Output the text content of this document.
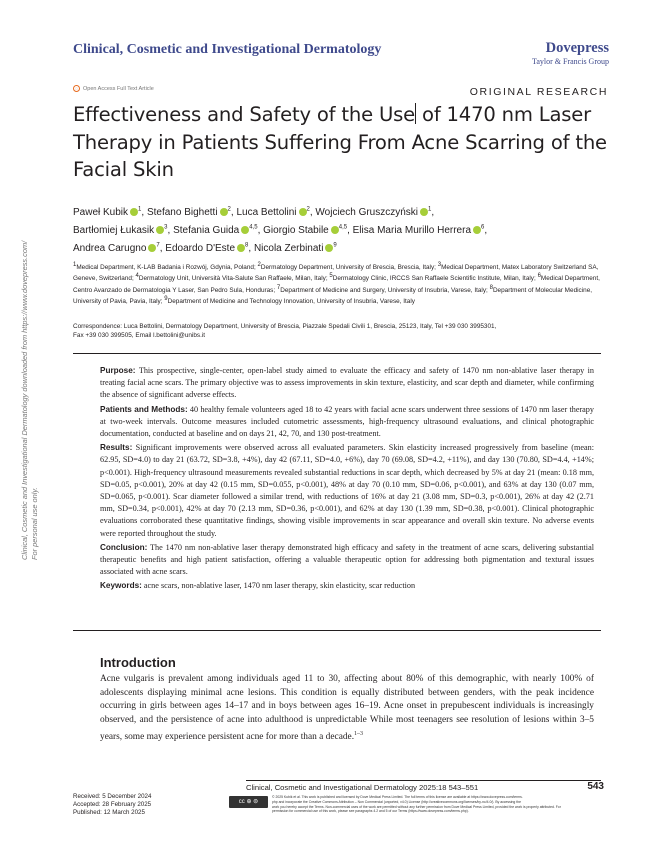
Clinical, Cosmetic and Investigational Dermatology	Dovepress
Taylor & Francis Group
◌ Open Access Full Text Article	ORIGINAL RESEARCH
Effectiveness and Safety of the Use of 1470 nm Laser Therapy in Patients Suffering From Acne Scarring of the Facial Skin
Paweł Kubik $^1$, Stefano Bighetti $^2$, Luca Bettolini $^2$, Wojciech Gruszczyński $^1$,
Bartłomiej Łukasik $^3$, Stefania Guida $^{4,5}$, Giorgio Stabile $^{4,5}$, Elisa Maria Murillo Herrera $^6$,
Andrea Carugno $^7$, Edoardo D'Este $^8$, Nicola Zerbinati $^9$
$^1$Medical Department, K-LAB Badania i Rozwój, Gdynia, Poland; $^2$Dermatology Department, University of Brescia, Brescia, Italy; $^3$Medical Department, Matex Laboratory Switzerland SA, Geneve, Switzerland; $^4$Dermatology Unit, Università Vita-Salute San Raffaele, Milan, Italy; $^5$Dermatology Clinic, IRCCS San Raffaele Scientific Institute, Milan, Italy; $^6$Medical Department, Centro Avanzado de Dermatologia Y Laser, San Pedro Sula, Honduras; $^7$Department of Medicine and Surgery, University of Insubria, Varese, Italy; $^8$Department of Molecular Medicine, University of Pavia, Pavia, Italy; $^9$Department of Medicine and Technology Innovation, University of Insubria, Varese, Italy
Correspondence: Luca Bettolini, Dermatology Department, University of Brescia, Piazzale Spedali Civili 1, Brescia, 25123, Italy, Tel +39 030 3995301,
Fax +39 030 399505, Email l.bettolini@unibs.it

Purpose: This prospective, single-center, open-label study aimed to evaluate the efficacy and safety of 1470 nm non-ablative laser therapy in treating facial acne scars. The primary objective was to assess improvements in skin texture, elasticity, and scar depth and diameter, while confirming the absence of significant adverse effects.

Patients and Methods: 40 healthy female volunteers aged 18 to 42 years with facial acne scars underwent three sessions of 1470 nm laser therapy at two-week intervals. Outcome measures included cutometric assessments, high-frequency ultrasound evaluations, and clinical photographic documentation, conducted at baseline and on days 21, 42, 70, and 130 post-treatment.

Results: Significant improvements were observed across all evaluated parameters. Skin elasticity increased progressively from baseline (mean: 62.95, SD=4.0) to day 21 (63.72, SD=3.8, +4%), day 42 (67.11, SD=4.0, +6%), day 70 (69.08, SD=4.2, +11%), and day 130 (70.80, SD=4.4, +14%; p<0.001). High-frequency ultrasound measurements revealed substantial reductions in scar depth, which decreased by 5% at day 21 (mean: 0.18 mm, SD=0.05, p<0.001), 20% at day 42 (0.15 mm, SD=0.055, p<0.001), 48% at day 70 (0.10 mm, SD=0.06, p<0.001), and 63% at day 130 (0.07 mm, SD=0.065, p<0.001). Scar diameter followed a similar trend, with reductions of 16% at day 21 (3.08 mm, SD=0.3, p<0.001), 26% at day 42 (2.71 mm, SD=0.34, p<0.001), 42% at day 70 (2.13 mm, SD=0.36, p<0.001), and 62% at day 130 (1.39 mm, SD=0.38, p<0.001). Clinical photographic evaluations corroborated these quantitative findings, showing visible improvements in scar appearance and overall skin texture. No adverse events were reported throughout the study.

Conclusion: The 1470 nm non-ablative laser therapy demonstrated high efficacy and safety in the treatment of acne scars, delivering substantial therapeutic benefits and high patient satisfaction, offering a valuable therapeutic option for addressing both pigmentation and textural issues associated with acne scars.

Keywords: acne scars, non-ablative laser, 1470 nm laser therapy, skin elasticity, scar reduction

Introduction
Acne vulgaris is prevalent among individuals aged 11 to 30, affecting about 80% of this demographic, with nearly 100% of adolescents displaying minimal acne lesions. This condition is equally distributed between genders, with the peak incidence occurring in girls between ages 14–17 and in boys between ages 16–19. Acne onset in prepubescent individuals is increasingly observed, and the persistence of acne into adulthood is unpredictable While most teenagers see resolution of lesions within 3–5 years, some may experience persistent acne for more than a decade.$^{1-3}$
Clinical, Cosmetic and Investigational Dermatology 2025:18 543–551	543
Received: 5 December 2024
Accepted: 28 February 2025
Published: 12 March 2025
cc ⊕ ⊜
© 2025 Kubik et al. This work is published and licensed by Dove Medical Press Limited. The full terms of this license are available at https://www.dovepress.com/terms.
php and incorporate the Creative Commons Attribution – Non Commercial (unported, v4.0) License (http://creativecommons.org/licenses/by-nc/4.0/). By accessing the
work you hereby accept the Terms. Non-commercial uses of the work are permitted without any further permission from Dove Medical Press Limited, provided the work is properly attributed. For
permission for commercial use of this work, please see paragraphs 4.2 and 5 of our Terms (https://www.dovepress.com/terms.php).
Clinical, Cosmetic and Investigational Dermatology downloaded from https://www.dovepress.com/ For personal use only.
